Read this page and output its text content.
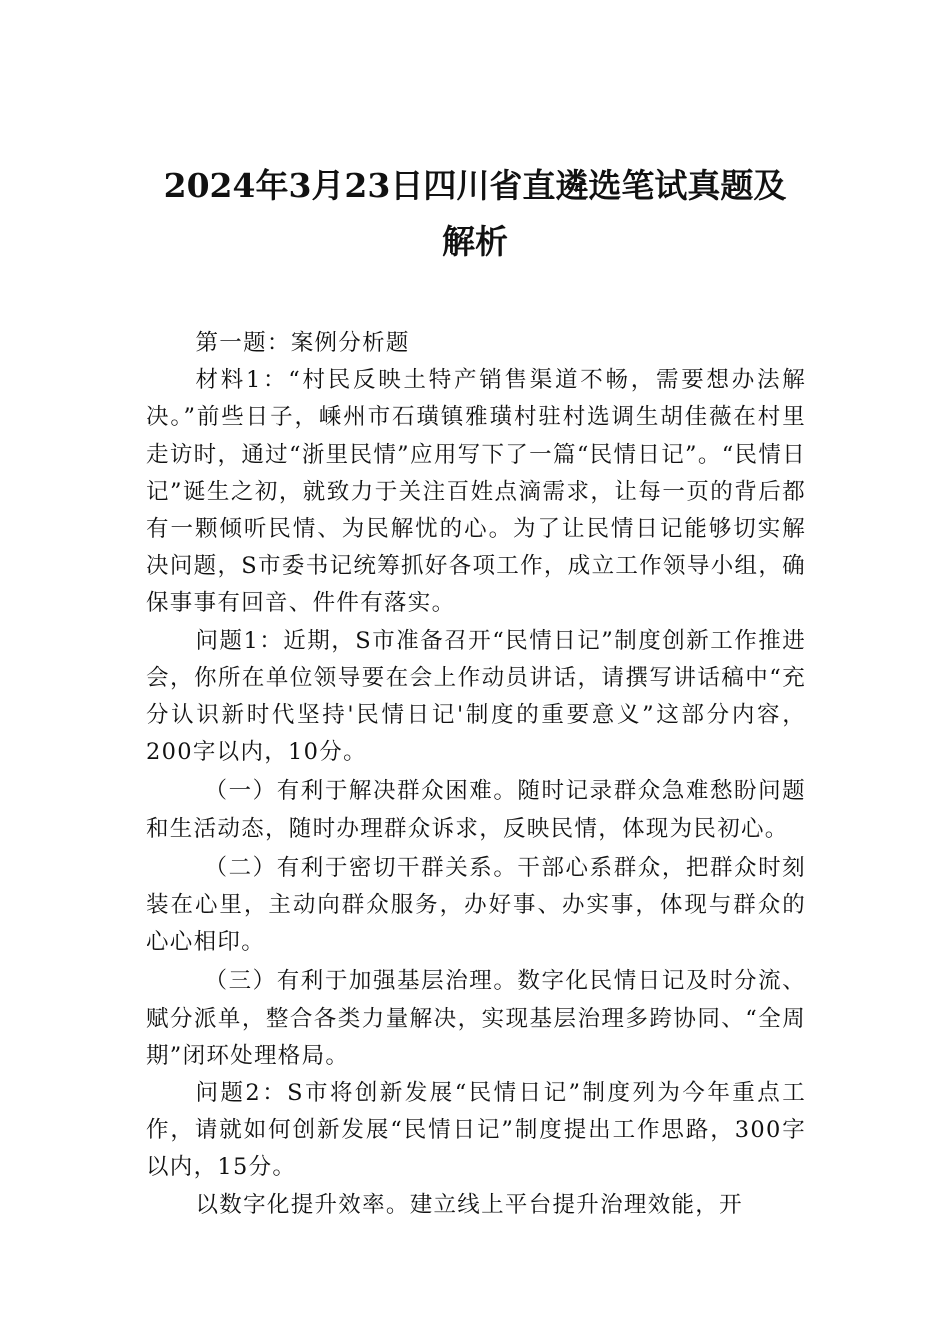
2024年3月23日四川省直遴选笔试真题及
解析

第一题：案例分析题

材料1：“村民反映土特产销售渠道不畅，需要想办法解决。”前些日子，嵊州市石璜镇雅璜村驻村选调生胡佳薇在村里走访时，通过“浙里民情”应用写下了一篇“民情日记”。“民情日记”诞生之初，就致力于关注百姓点滴需求，让每一页的背后都有一颗倾听民情、为民解忧的心。为了让民情日记能够切实解决问题，S市委书记统筹抓好各项工作，成立工作领导小组，确保事事有回音、件件有落实。

问题1：近期，S市准备召开“民情日记”制度创新工作推进会，你所在单位领导要在会上作动员讲话，请撰写讲话稿中“充分认识新时代坚持'民情日记'制度的重要意义”这部分内容，200字以内，10分。

（一）有利于解决群众困难。随时记录群众急难愁盼问题和生活动态，随时办理群众诉求，反映民情，体现为民初心。

（二）有利于密切干群关系。干部心系群众，把群众时刻装在心里，主动向群众服务，办好事、办实事，体现与群众的心心相印。

（三）有利于加强基层治理。数字化民情日记及时分流、赋分派单，整合各类力量解决，实现基层治理多跨协同、“全周期”闭环处理格局。

问题2：S市将创新发展“民情日记”制度列为今年重点工作，请就如何创新发展“民情日记”制度提出工作思路，300字以内，15分。

以数字化提升效率。建立线上平台提升治理效能，开
